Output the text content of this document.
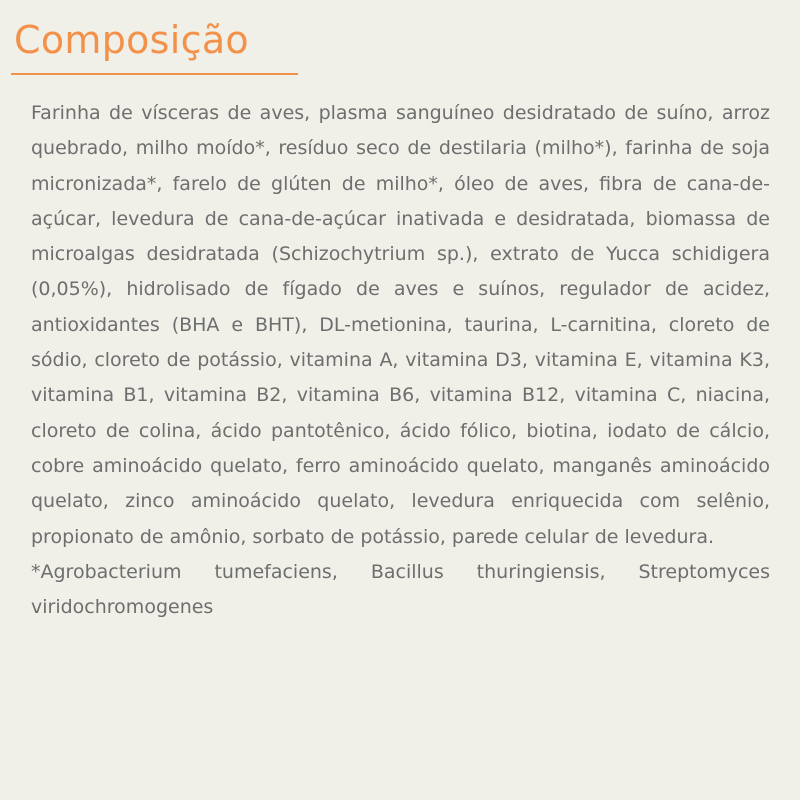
Composição

Farinha de vísceras de aves, plasma sanguíneo desidratado de suíno, arroz quebrado, milho moído*, resíduo seco de destilaria (milho*), farinha de soja micronizada*, farelo de glúten de milho*, óleo de aves, fibra de cana-de-açúcar, levedura de cana-de-açúcar inativada e desidratada, biomassa de microalgas desidratada (Schizochytrium sp.), extrato de Yucca schidigera (0,05%), hidrolisado de fígado de aves e suínos, regulador de acidez, antioxidantes (BHA e BHT), DL-metionina, taurina, L-carnitina, cloreto de sódio, cloreto de potássio, vitamina A, vitamina D3, vitamina E, vitamina K3, vitamina B1, vitamina B2, vitamina B6, vitamina B12, vitamina C, niacina, cloreto de colina, ácido pantotênico, ácido fólico, biotina, iodato de cálcio, cobre aminoácido quelato, ferro aminoácido quelato, manganês aminoácido quelato, zinco aminoácido quelato, levedura enriquecida com selênio, propionato de amônio, sorbato de potássio, parede celular de levedura.
*Agrobacterium tumefaciens, Bacillus thuringiensis, Streptomyces viridochromogenes
